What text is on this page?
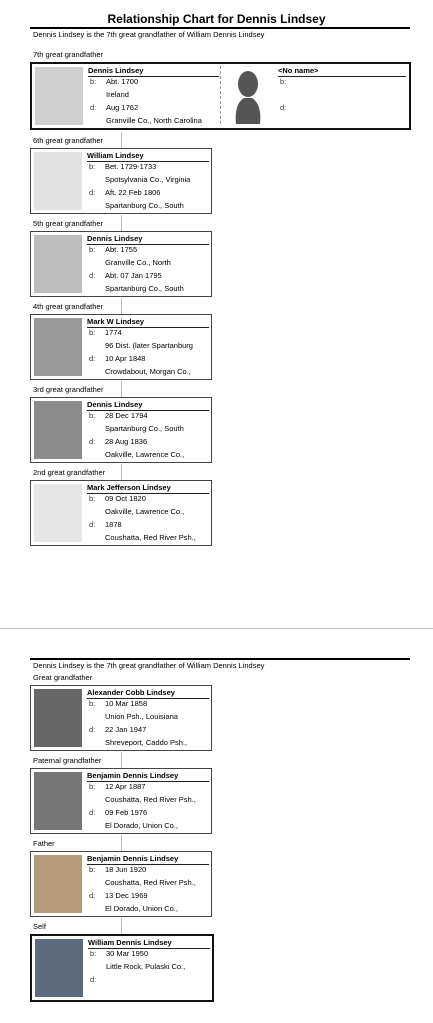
Relationship Chart for Dennis Lindsey
Dennis Lindsey is the 7th great grandfather of William Dennis Lindsey
7th great grandfather
Dennis Lindsey
b: Abt. 1700
Ireland
d: Aug 1762
Granville Co., North Carolina
<No name>
b:
d:
6th great grandfather
William Lindsey
b: Bet. 1729-1733
Spotsylvania Co., Virginia
d: Aft. 22 Feb 1806
Spartanburg Co., South
5th great grandfather
Dennis Lindsey
b: Abt. 1755
Granville Co., North
d: Abt. 07 Jan 1795
Spartanburg Co., South
4th great grandfather
Mark W Lindsey
b: 1774
96 Dist. (later Spartanburg
d: 10 Apr 1848
Crowdabout, Morgan Co.,
3rd great grandfather
Dennis Lindsey
b: 28 Dec 1794
Spartanburg Co., South
d: 28 Aug 1836
Oakville, Lawrence Co.,
2nd great grandfather
Mark Jefferson Lindsey
b: 09 Oct 1820
Oakville, Lawrence Co.,
d: 1878
Coushatta, Red River Psh.,
Great grandfather
Alexander Cobb Lindsey
b: 10 Mar 1858
Union Psh., Louisiana
d: 22 Jan 1947
Shreveport, Caddo Psh.,
Paternal grandfather
Benjamin Dennis Lindsey
b: 12 Apr 1887
Coushatta, Red River Psh.,
d: 09 Feb 1976
El Dorado, Union Co.,
Father
Benjamin Dennis Lindsey
b: 18 Jun 1920
Coushatta, Red River Psh.,
d: 13 Dec 1969
El Dorado, Union Co.,
Self
William Dennis Lindsey
b: 30 Mar 1950
Little Rock, Pulaski Co.,
d:
Dennis Lindsey is the 7th great grandfather of William Dennis Lindsey
